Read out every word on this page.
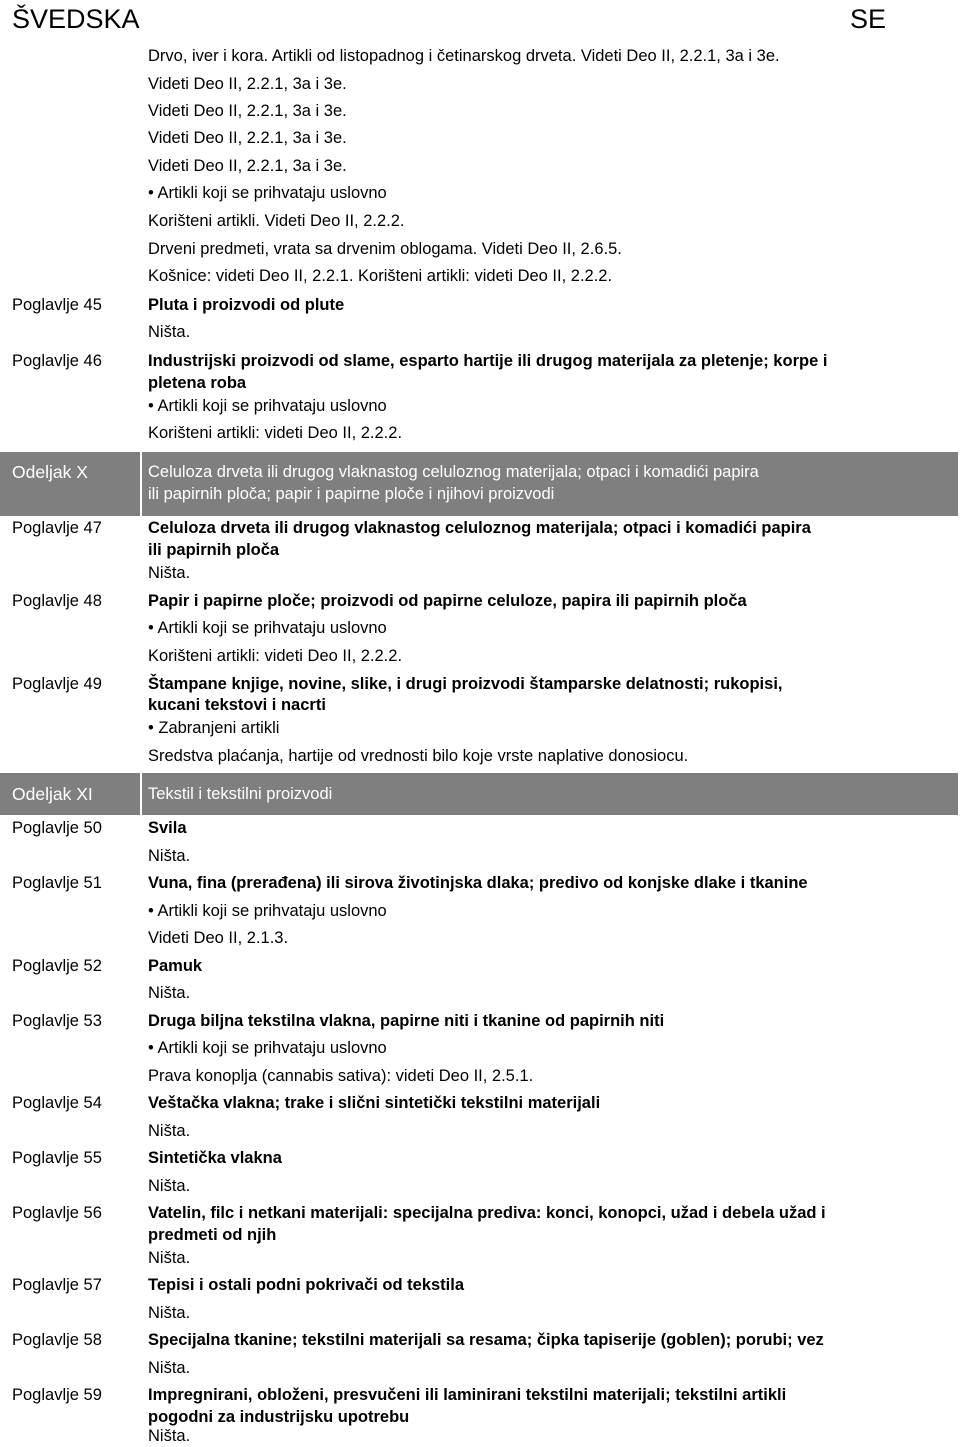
ŠVEDSKA	SE
Drvo, iver i kora. Artikli od listopadnog i četinarskog drveta. Videti Deo II, 2.2.1, 3a i 3e.
Videti Deo II, 2.2.1, 3a i 3e.
Videti Deo II, 2.2.1, 3a i 3e.
Videti Deo II, 2.2.1, 3a i 3e.
Videti Deo II, 2.2.1, 3a i 3e.
• Artikli koji se prihvataju uslovno
Korišteni artikli. Videti Deo II, 2.2.2.
Drveni predmeti, vrata sa drvenim oblogama. Videti Deo II, 2.6.5.
Košnice: videti Deo II, 2.2.1. Korišteni artikli: videti Deo II, 2.2.2.
Poglavlje 45	Pluta i proizvodi od plute
Ništa.
Poglavlje 46	Industrijski proizvodi od slame, esparto hartije ili drugog materijala za pletenje; korpe i
pletena roba
• Artikli koji se prihvataju uslovno
Korišteni artikli: videti Deo II, 2.2.2.
Odeljak X	Celuloza drveta ili drugog vlaknastog celuloznog materijala; otpaci i komadići papira
ili papirnih ploča; papir i papirne ploče i njihovi proizvodi
Poglavlje 47	Celuloza drveta ili drugog vlaknastog celuloznog materijala; otpaci i komadići papira
ili papirnih ploča
Ništa.
Poglavlje 48	Papir i papirne ploče; proizvodi od papirne celuloze, papira ili papirnih ploča
• Artikli koji se prihvataju uslovno
Korišteni artikli: videti Deo II, 2.2.2.
Poglavlje 49	Štampane knjige, novine, slike, i drugi proizvodi štamparske delatnosti; rukopisi,
kucani tekstovi i nacrti
• Zabranjeni artikli
Sredstva plaćanja, hartije od vrednosti bilo koje vrste naplative donosiocu.
Odeljak XI	Tekstil i tekstilni proizvodi
Poglavlje 50	Svila
Ništa.
Poglavlje 51	Vuna, fina (prerađena) ili sirova životinjska dlaka; predivo od konjske dlake i tkanine
• Artikli koji se prihvataju uslovno
Videti Deo II, 2.1.3.
Poglavlje 52	Pamuk
Ništa.
Poglavlje 53	Druga biljna tekstilna vlakna, papirne niti i tkanine od papirnih niti
• Artikli koji se prihvataju uslovno
Prava konoplja (cannabis sativa): videti Deo II, 2.5.1.
Poglavlje 54	Veštačka vlakna; trake i slični sintetički tekstilni materijali
Ništa.
Poglavlje 55	Sintetička vlakna
Ništa.
Poglavlje 56	Vatelin, filc i netkani materijali: specijalna prediva: konci, konopci, užad i debela užad i
predmeti od njih
Ništa.
Poglavlje 57	Tepisi i ostali podni pokrivači od tekstila
Ništa.
Poglavlje 58	Specijalna tkanine; tekstilni materijali sa resama; čipka tapiserije (goblen); porubi; vez
Ništa.
Poglavlje 59	Impregnirani, obloženi, presvučeni ili laminirani tekstilni materijali; tekstilni artikli
pogodni za industrijsku upotrebu
Ništa.
